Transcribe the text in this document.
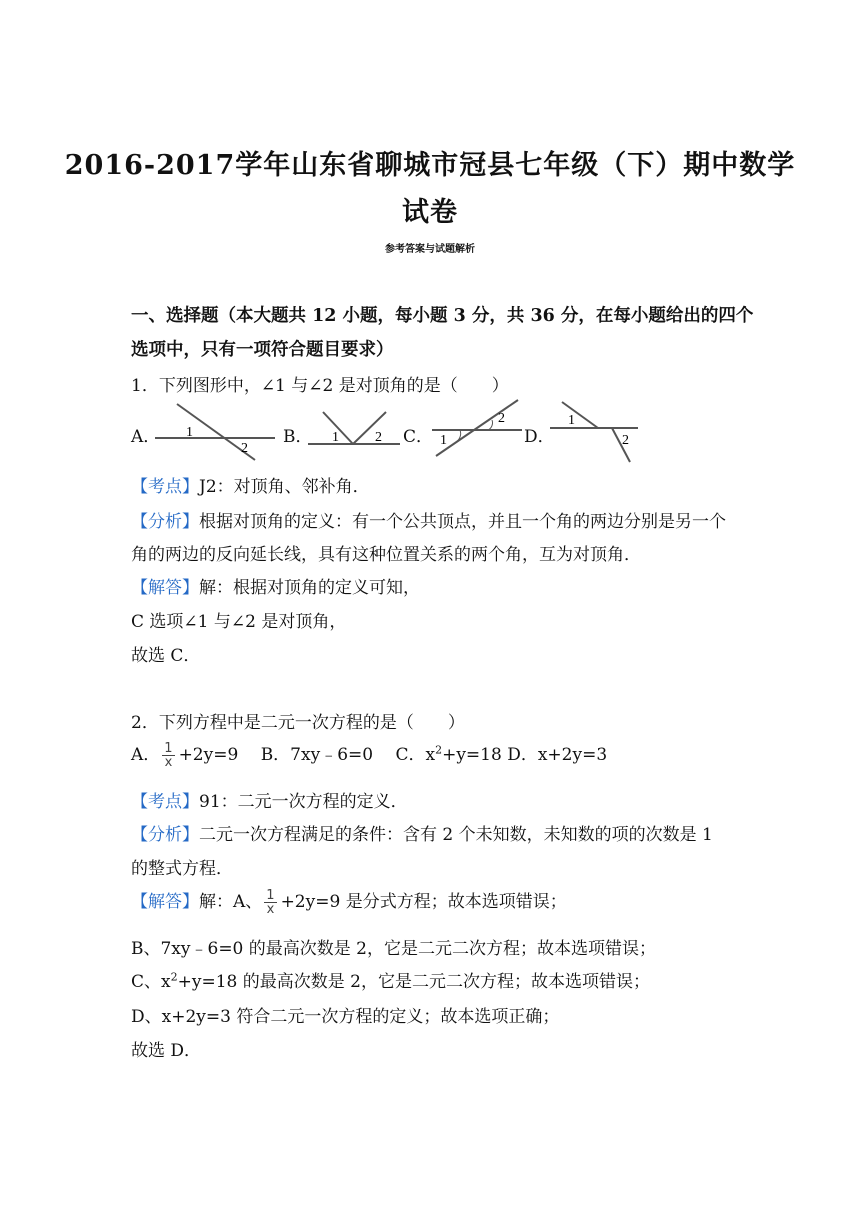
2016-2017学年山东省聊城市冠县七年级（下）期中数学
试卷
参考答案与试题解析
一、选择题（本大题共 12 小题，每小题 3 分，共 36 分，在每小题给出的四个
选项中，只有一项符合题目要求）
1．下列图形中，∠1 与∠2 是对顶角的是（　　）
A．	B．	C．	D．
1
2
1	2	1
2	1
2
【考点】J2：对顶角、邻补角．
【分析】根据对顶角的定义：有一个公共顶点，并且一个角的两边分别是另一个
角的两边的反向延长线，具有这种位置关系的两个角，互为对顶角．
【解答】解：根据对顶角的定义可知，
C 选项∠1 与∠2 是对顶角，
故选 C．
2．下列方程中是二元一次方程的是（　　）
A． $\frac{1}{x} +2y=9$　 B．7xy﹣6=0　 C．$x^2+y=18$ D．x+2y=3
【考点】91：二元一次方程的定义．
【分析】二元一次方程满足的条件：含有 2 个未知数，未知数的项的次数是 1
的整式方程．
【解答】解：A、 $\frac{1}{x} +2y=9$ 是分式方程；故本选项错误；
B、7xy﹣6=0 的最高次数是 2，它是二元二次方程；故本选项错误；
C、$x^2+y=18$ 的最高次数是 2，它是二元二次方程；故本选项错误；
D、x+2y=3 符合二元一次方程的定义；故本选项正确；
故选 D．
